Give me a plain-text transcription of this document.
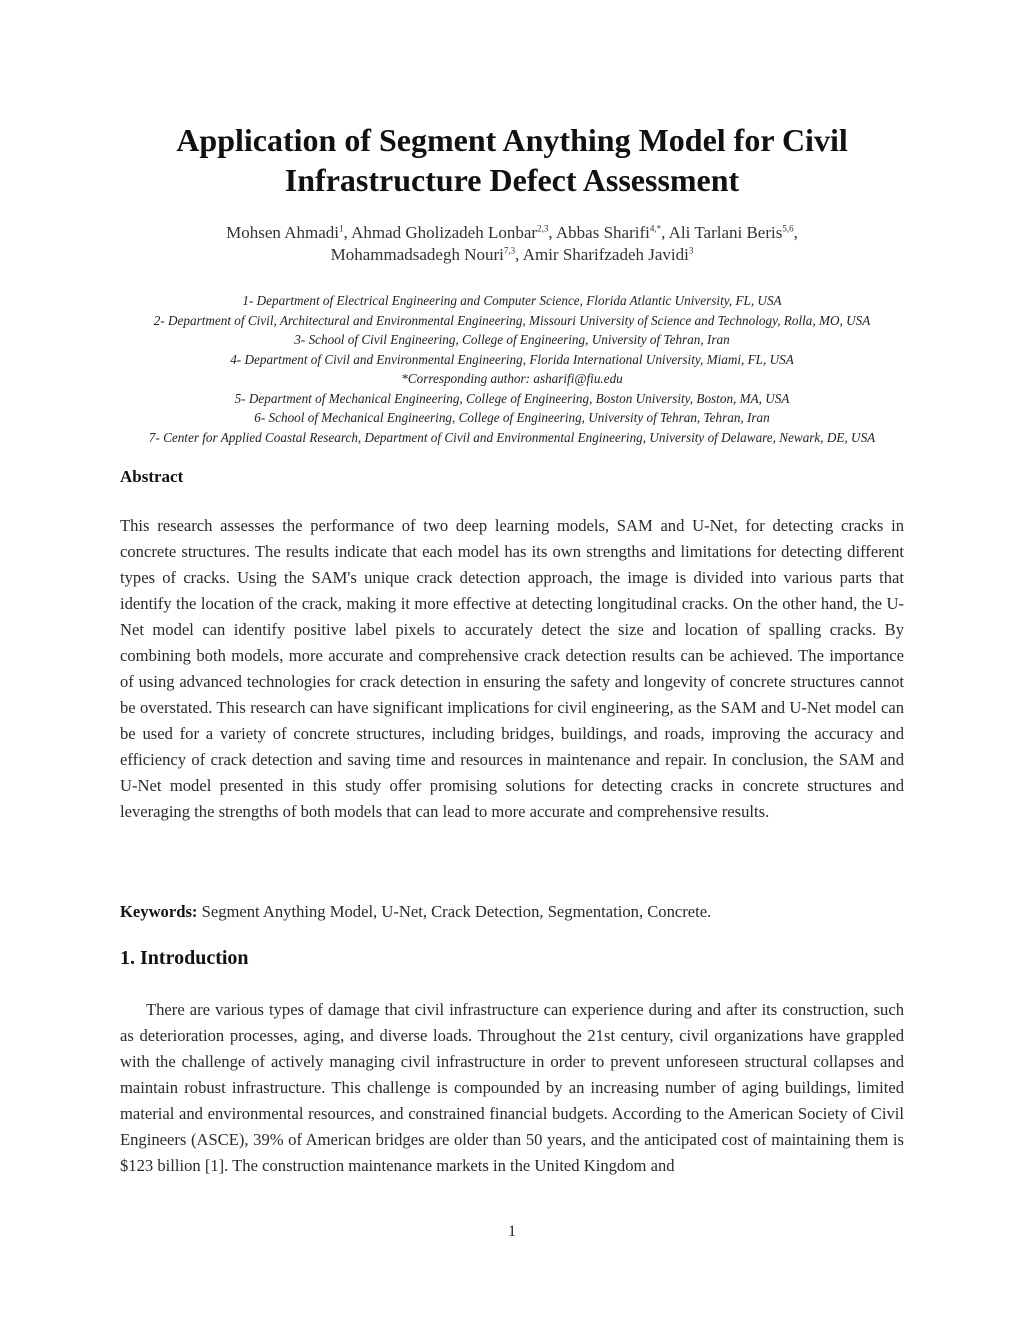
Application of Segment Anything Model for Civil
Infrastructure Defect Assessment
Mohsen Ahmadi$^1$, Ahmad Gholizadeh Lonbar$^{2,3}$, Abbas Sharifi$^{4,*}$, Ali Tarlani Beris$^{5,6}$,
Mohammadsadegh Nouri$^{7,3}$, Amir Sharifzadeh Javidi$^3$
1- Department of Electrical Engineering and Computer Science, Florida Atlantic University, FL, USA
2- Department of Civil, Architectural and Environmental Engineering, Missouri University of Science and Technology, Rolla, MO, USA
3- School of Civil Engineering, College of Engineering, University of Tehran, Iran
4- Department of Civil and Environmental Engineering, Florida International University, Miami, FL, USA
*Corresponding author: asharifi@fiu.edu
5- Department of Mechanical Engineering, College of Engineering, Boston University, Boston, MA, USA
6- School of Mechanical Engineering, College of Engineering, University of Tehran, Tehran, Iran
7- Center for Applied Coastal Research, Department of Civil and Environmental Engineering, University of Delaware, Newark, DE, USA
Abstract

This research assesses the performance of two deep learning models, SAM and U-Net, for detecting cracks in concrete structures. The results indicate that each model has its own strengths and limitations for detecting different types of cracks. Using the SAM's unique crack detection approach, the image is divided into various parts that identify the location of the crack, making it more effective at detecting longitudinal cracks. On the other hand, the U-Net model can identify positive label pixels to accurately detect the size and location of spalling cracks. By combining both models, more accurate and comprehensive crack detection results can be achieved. The importance of using advanced technologies for crack detection in ensuring the safety and longevity of concrete structures cannot be overstated. This research can have significant implications for civil engineering, as the SAM and U-Net model can be used for a variety of concrete structures, including bridges, buildings, and roads, improving the accuracy and efficiency of crack detection and saving time and resources in maintenance and repair. In conclusion, the SAM and U-Net model presented in this study offer promising solutions for detecting cracks in concrete structures and leveraging the strengths of both models that can lead to more accurate and comprehensive results.

Keywords: Segment Anything Model, U-Net, Crack Detection, Segmentation, Concrete.

1. Introduction

There are various types of damage that civil infrastructure can experience during and after its construction, such as deterioration processes, aging, and diverse loads. Throughout the 21st century, civil organizations have grappled with the challenge of actively managing civil infrastructure in order to prevent unforeseen structural collapses and maintain robust infrastructure. This challenge is compounded by an increasing number of aging buildings, limited material and environmental resources, and constrained financial budgets. According to the American Society of Civil Engineers (ASCE), 39% of American bridges are older than 50 years, and the anticipated cost of maintaining them is $123 billion [1]. The construction maintenance markets in the United Kingdom and

1
